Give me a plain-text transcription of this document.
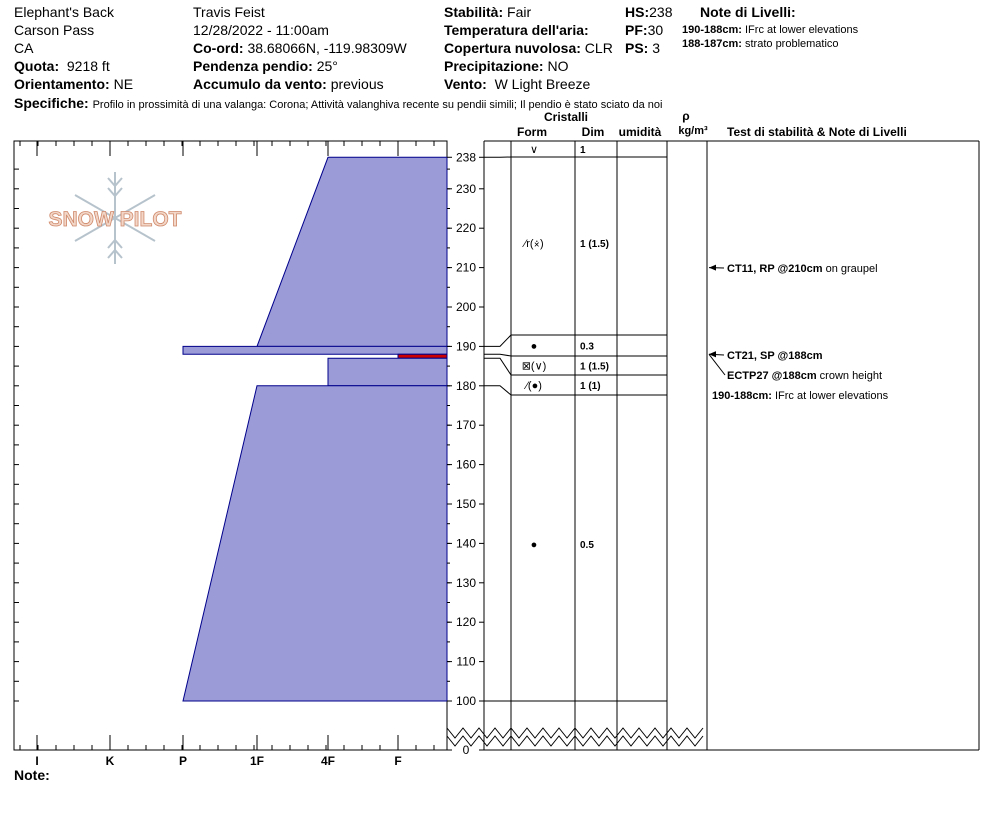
Elephant's Back
Carson Pass
CA
Quota: 9218 ft
Orientamento: NE
Travis Feist
12/28/2022 - 11:00am
Co-ord: 38.68066N, -119.98309W
Pendenza pendio: 25°
Accumulo da vento: previous
Stabilità: Fair
Temperatura dell'aria:
Copertura nuvolosa: CLR
Precipitazione: NO
Vento: W Light Breeze
HS:238
PF:30
PS: 3
Note di Livelli:
190-188cm: IFrc at lower elevations
188-187cm: strato problematico
Specifiche: Profilo in prossimità di una valanga: Corona; Attività valanghiva recente su pendii simili; Il pendio è stato sciato da noi
I	K	P	1F	4F	F
SNOW PILOT
Cristalli
Form	Dim umidità
ρ
kg/m³ Test di stabilità & Note di Livelli
238
230
220
210
200
190
180
170
160
150
140
130
120
110
100
0
∨	1
⁄r(⨰)	1 (1.5)
●	0.3
⊠(∨)	1 (1.5)
⁄(●)	1 (1)
●	0.5
CT11, RP @210cm on graupel
CT21, SP @188cm
ECTP27 @188cm crown height
190-188cm: IFrc at lower elevations
Note:
